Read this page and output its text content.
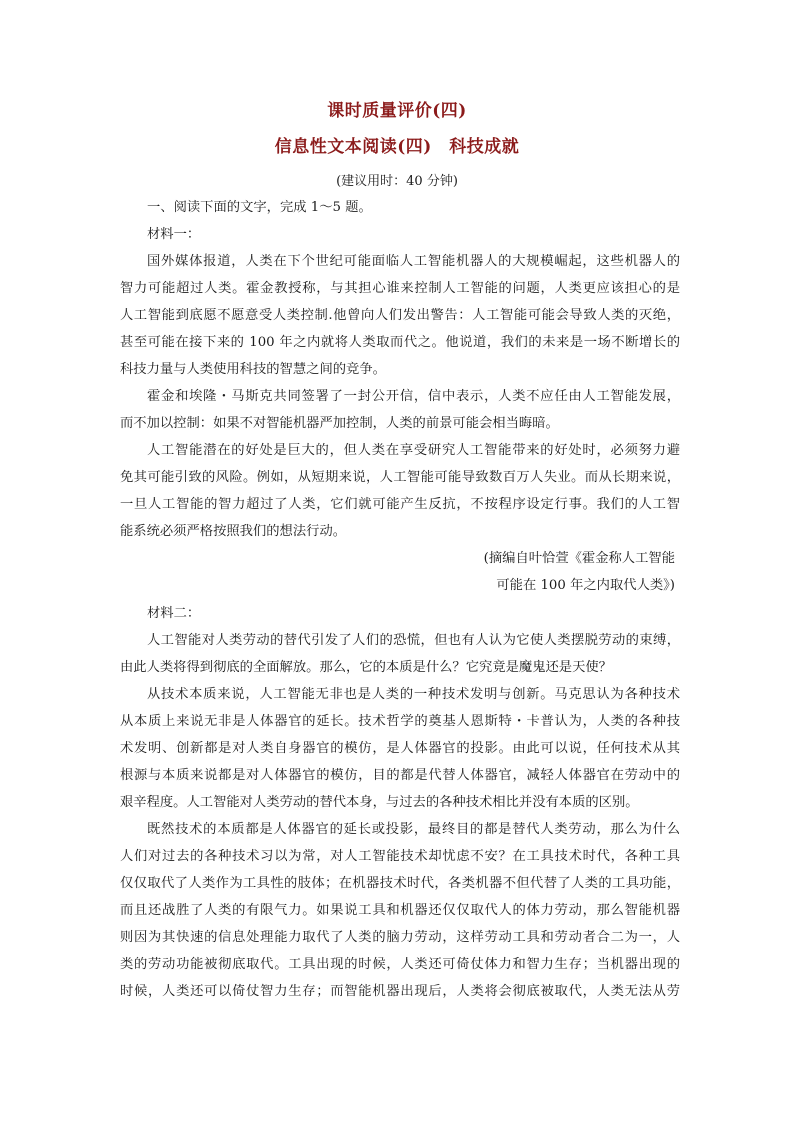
课时质量评价(四)
信息性文本阅读(四)　科技成就
(建议用时：40 分钟)
一、阅读下面的文字，完成 1～5 题。
材料一：
国外媒体报道，人类在下个世纪可能面临人工智能机器人的大规模崛起，这些机器人的
智力可能超过人类。霍金教授称，与其担心谁来控制人工智能的问题，人类更应该担心的是
人工智能到底愿不愿意受人类控制.他曾向人们发出警告：人工智能可能会导致人类的灭绝，
甚至可能在接下来的 100 年之内就将人类取而代之。他说道，我们的未来是一场不断增长的
科技力量与人类使用科技的智慧之间的竞争。
霍金和埃隆・马斯克共同签署了一封公开信，信中表示，人类不应任由人工智能发展，
而不加以控制：如果不对智能机器严加控制，人类的前景可能会相当晦暗。
人工智能潜在的好处是巨大的，但人类在享受研究人工智能带来的好处时，必须努力避
免其可能引致的风险。例如，从短期来说，人工智能可能导致数百万人失业。而从长期来说，
一旦人工智能的智力超过了人类，它们就可能产生反抗，不按程序设定行事。我们的人工智
能系统必须严格按照我们的想法行动。
(摘编自叶恰萱《霍金称人工智能
可能在 100 年之内取代人类》)
材料二：
人工智能对人类劳动的替代引发了人们的恐慌，但也有人认为它使人类摆脱劳动的束缚，
由此人类将得到彻底的全面解放。那么，它的本质是什么？它究竟是魔鬼还是天使？
从技术本质来说，人工智能无非也是人类的一种技术发明与创新。马克思认为各种技术
从本质上来说无非是人体器官的延长。技术哲学的奠基人恩斯特・卡普认为，人类的各种技
术发明、创新都是对人类自身器官的模仿，是人体器官的投影。由此可以说，任何技术从其
根源与本质来说都是对人体器官的模仿，目的都是代替人体器官，减轻人体器官在劳动中的
艰辛程度。人工智能对人类劳动的替代本身，与过去的各种技术相比并没有本质的区别。
既然技术的本质都是人体器官的延长或投影，最终目的都是替代人类劳动，那么为什么
人们对过去的各种技术习以为常，对人工智能技术却忧虑不安？在工具技术时代，各种工具
仅仅取代了人类作为工具性的肢体；在机器技术时代，各类机器不但代替了人类的工具功能，
而且还战胜了人类的有限气力。如果说工具和机器还仅仅取代人的体力劳动，那么智能机器
则因为其快速的信息处理能力取代了人类的脑力劳动，这样劳动工具和劳动者合二为一，人
类的劳动功能被彻底取代。工具出现的时候，人类还可倚仗体力和智力生存；当机器出现的
时候，人类还可以倚仗智力生存；而智能机器出现后，人类将会彻底被取代，人类无法从劳
